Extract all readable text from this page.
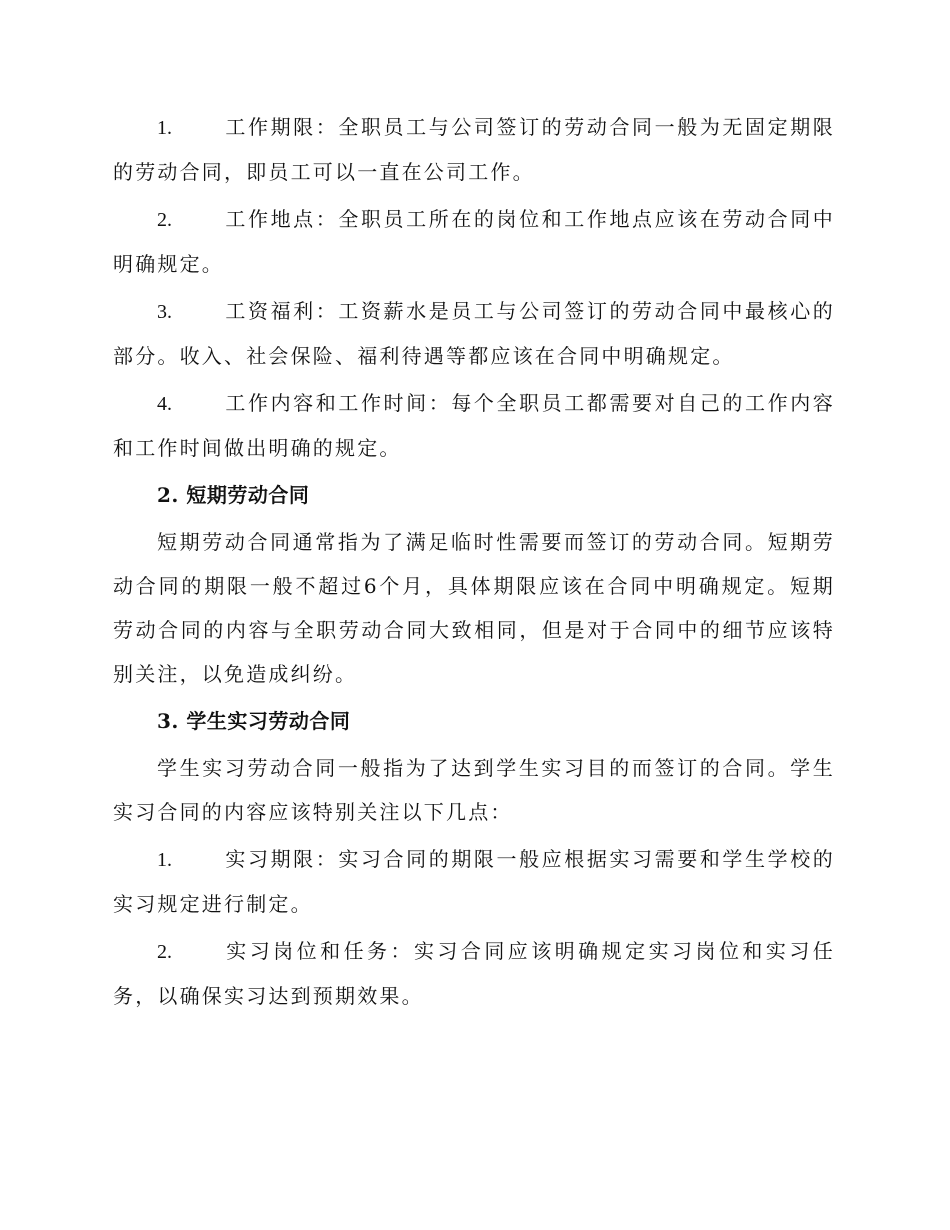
1.	工作期限：全职员工与公司签订的劳动合同一般为无固定期限的劳动合同，即员工可以一直在公司工作。

2.	工作地点：全职员工所在的岗位和工作地点应该在劳动合同中明确规定。

3.	工资福利：工资薪水是员工与公司签订的劳动合同中最核心的部分。收入、社会保险、福利待遇等都应该在合同中明确规定。

4.	工作内容和工作时间：每个全职员工都需要对自己的工作内容和工作时间做出明确的规定。

2. 短期劳动合同

短期劳动合同通常指为了满足临时性需要而签订的劳动合同。短期劳动合同的期限一般不超过6个月，具体期限应该在合同中明确规定。短期劳动合同的内容与全职劳动合同大致相同，但是对于合同中的细节应该特别关注，以免造成纠纷。

3. 学生实习劳动合同

学生实习劳动合同一般指为了达到学生实习目的而签订的合同。学生实习合同的内容应该特别关注以下几点：

1.	实习期限：实习合同的期限一般应根据实习需要和学生学校的实习规定进行制定。

2.	实习岗位和任务：实习合同应该明确规定实习岗位和实习任务，以确保实习达到预期效果。
